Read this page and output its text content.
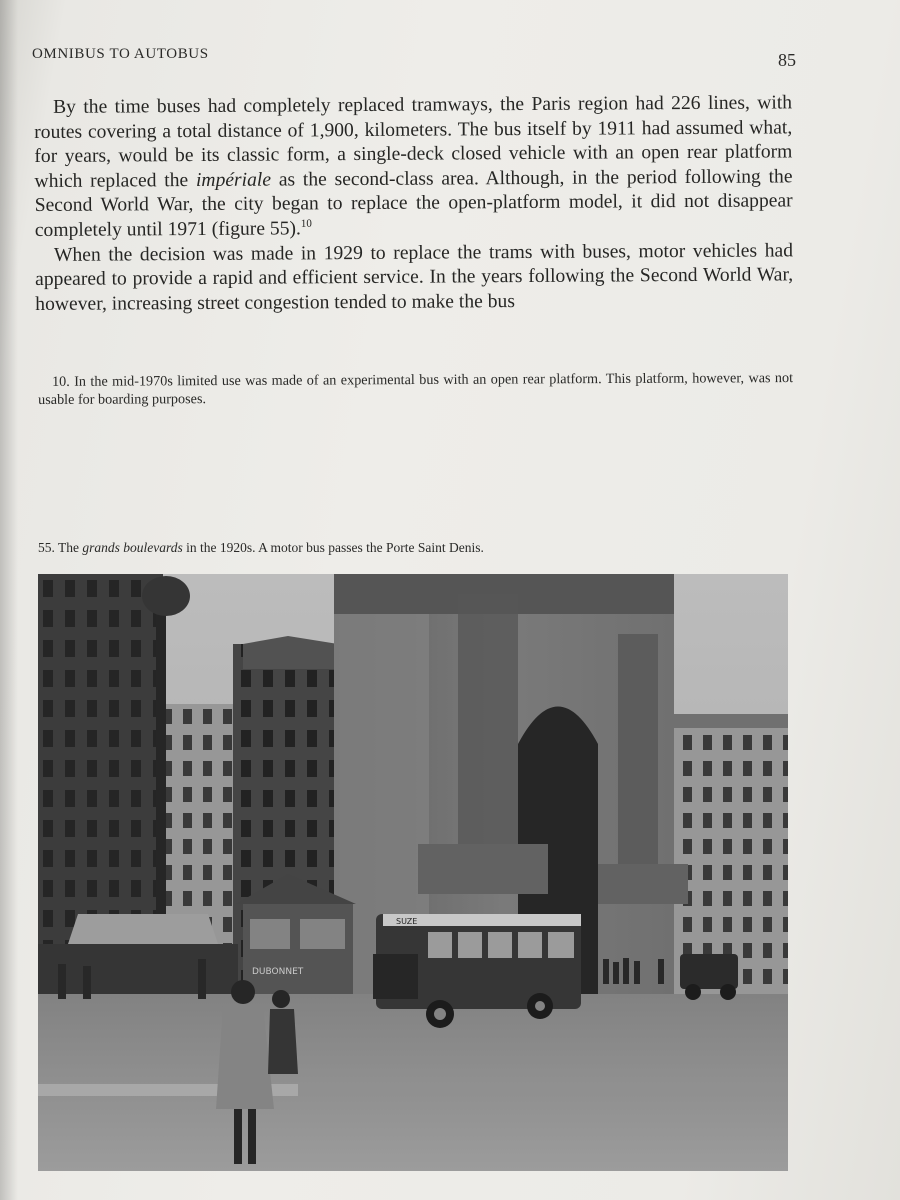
OMNIBUS TO AUTOBUS	85

By the time buses had completely replaced tramways, the Paris region had 226 lines, with routes covering a total distance of 1,900, kilometers. The bus itself by 1911 had assumed what, for years, would be its classic form, a single-deck closed vehicle with an open rear platform which replaced the impériale as the second-class area. Although, in the period following the Second World War, the city began to replace the open-platform model, it did not disappear completely until 1971 (figure 55).$^{10}$

When the decision was made in 1929 to replace the trams with buses, motor vehicles had appeared to provide a rapid and efficient service. In the years following the Second World War, however, increasing street congestion tended to make the bus

10. In the mid-1970s limited use was made of an experimental bus with an open rear platform. This platform, however, was not usable for boarding purposes.

55. The grands boulevards in the 1920s. A motor bus passes the Porte Saint Denis.
DUBONNET
SUZE
